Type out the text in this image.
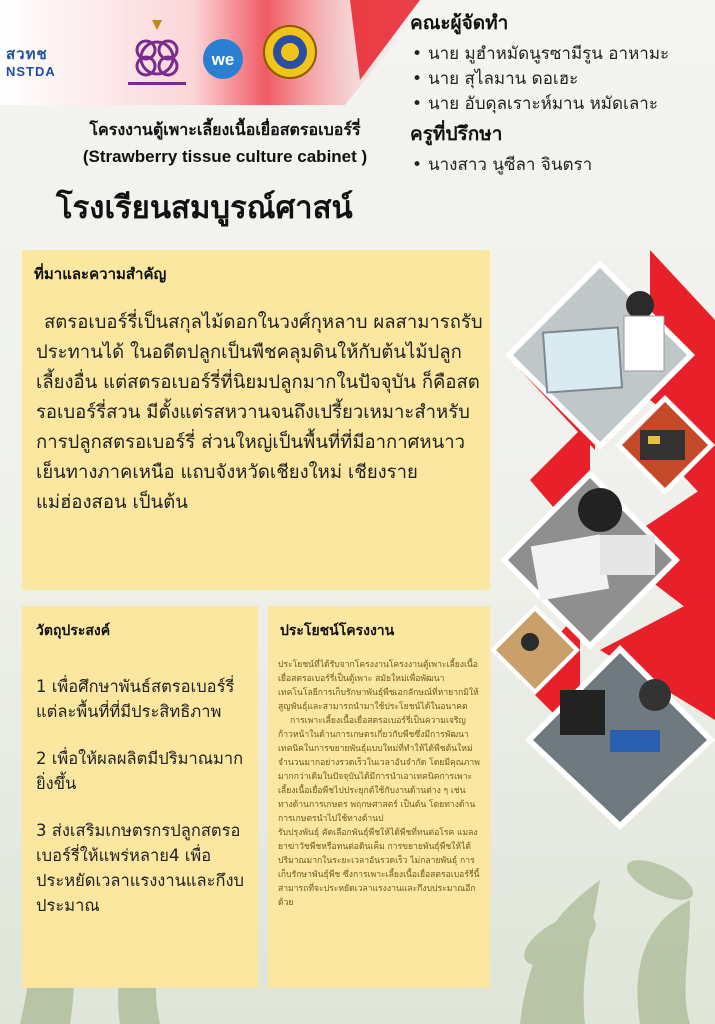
สวทช
NSTDA
we
คณะผู้จัดทำ
• นาย มูฮำหมัดนูรซามีรูน อาหามะ
• นาย สุไลมาน ดอเฮะ
• นาย อับดุลเราะห์มาน หมัดเลาะ
ครูที่ปรึกษา
• นางสาว นูซีลา จินตรา
โครงงานตู้เพาะเลี้ยงเนื้อเยื่อสตรอเบอร์รี่
(Strawberry tissue culture cabinet )
โรงเรียนสมบูรณ์ศาสน์
ที่มาและความสำคัญ
สตรอเบอร์รี่เป็นสกุลไม้ดอกในวงศ์กุหลาบ ผลสามารถรับประทานได้ ในอดีตปลูกเป็นพืชคลุมดินให้กับต้นไม้ปลูกเลี้ยงอื่น แต่สตรอเบอร์รี่ที่นิยมปลูกมากในปัจจุบัน ก็คือสตรอเบอร์รี่สวน มีตั้งแต่รสหวานจนถึงเปรี้ยวเหมาะสำหรับการปลูกสตรอเบอร์รี่ ส่วนใหญ่เป็นพื้นที่ที่มีอากาศหนาวเย็นทางภาคเหนือ แถบจังหวัดเชียงใหม่ เชียงราย แม่ฮ่องสอน เป็นต้น
วัตถุประสงค์
1 เพื่อศึกษาพันธ์สตรอเบอร์รี่แต่ละพื้นที่ที่มีประสิทธิภาพ
2 เพื่อให้ผลผลิตมีปริมาณมากยิ่งขึ้น
3 ส่งเสริมเกษตรกรปลูกสตรอเบอร์รี่ให้แพร่หลาย4 เพื่อประหยัดเวลาแรงงานและกึงบประมาณ
ประโยชน์โครงงาน

ประโยชน์ที่ได้รับจากโครงงานโครงงานตู้เพาะเลี้ยงเนื้อเยื่อสตรอเบอร์รี่เป็นตู้เพาะ สมัยใหม่เพื่อพัฒนาเทคโนโลยีการเก็บรักษาพันธุ์พืชเอกลักษณ์ที่หายากมิให้สูญพันธุ์และสามารถนำมาใช้ประโยชน์ได้ในอนาคต

การเพาะเลี้ยงเนื้อเยื่อสตรอเบอร์รี่เป็นความเจริญก้าวหน้าในด้านการเกษตรเกี่ยวกับพืชซึ่งมีการพัฒนาเทคนิคในการขยายพันธุ์แบบใหม่ที่ทำให้ได้พืชต้นใหม่จำนวนมากอย่างรวดเร็วในเวลาอันจำกัด โดยมีคุณภาพมากกว่าเดิมในปัจจุบันได้มีการนำเอาเทคนิคการเพาะเลี้ยงเนื้อเยื่อพืชไปประยุกต์ใช้กับงานด้านต่าง ๆ เช่น ทางด้านการเกษตร พฤกษศาสตร์ เป็นต้น โดยทางด้านการเกษตรนำไปใช้ทางด้านป

รับปรุงพันธุ์ คัดเลือกพันธุ์พืชให้ได้พืชที่ทนต่อโรค แมลง ยาฆ่าวัชพืชหรือทนต่อดินเค็ม การขยายพันธุ์พืชให้ได้ปริมาณมากในระยะเวลาอันรวดเร็ว ไม่กลายพันธุ์ การเก็บรักษาพันธุ์พืช ซึ่งการเพาะเลี้ยงเนื้อเยื่อสตรอเบอร์รี่นี้สามารถที่จะประหยัดเวลาแรงงานและกึงบประมาณอีกด้วย
